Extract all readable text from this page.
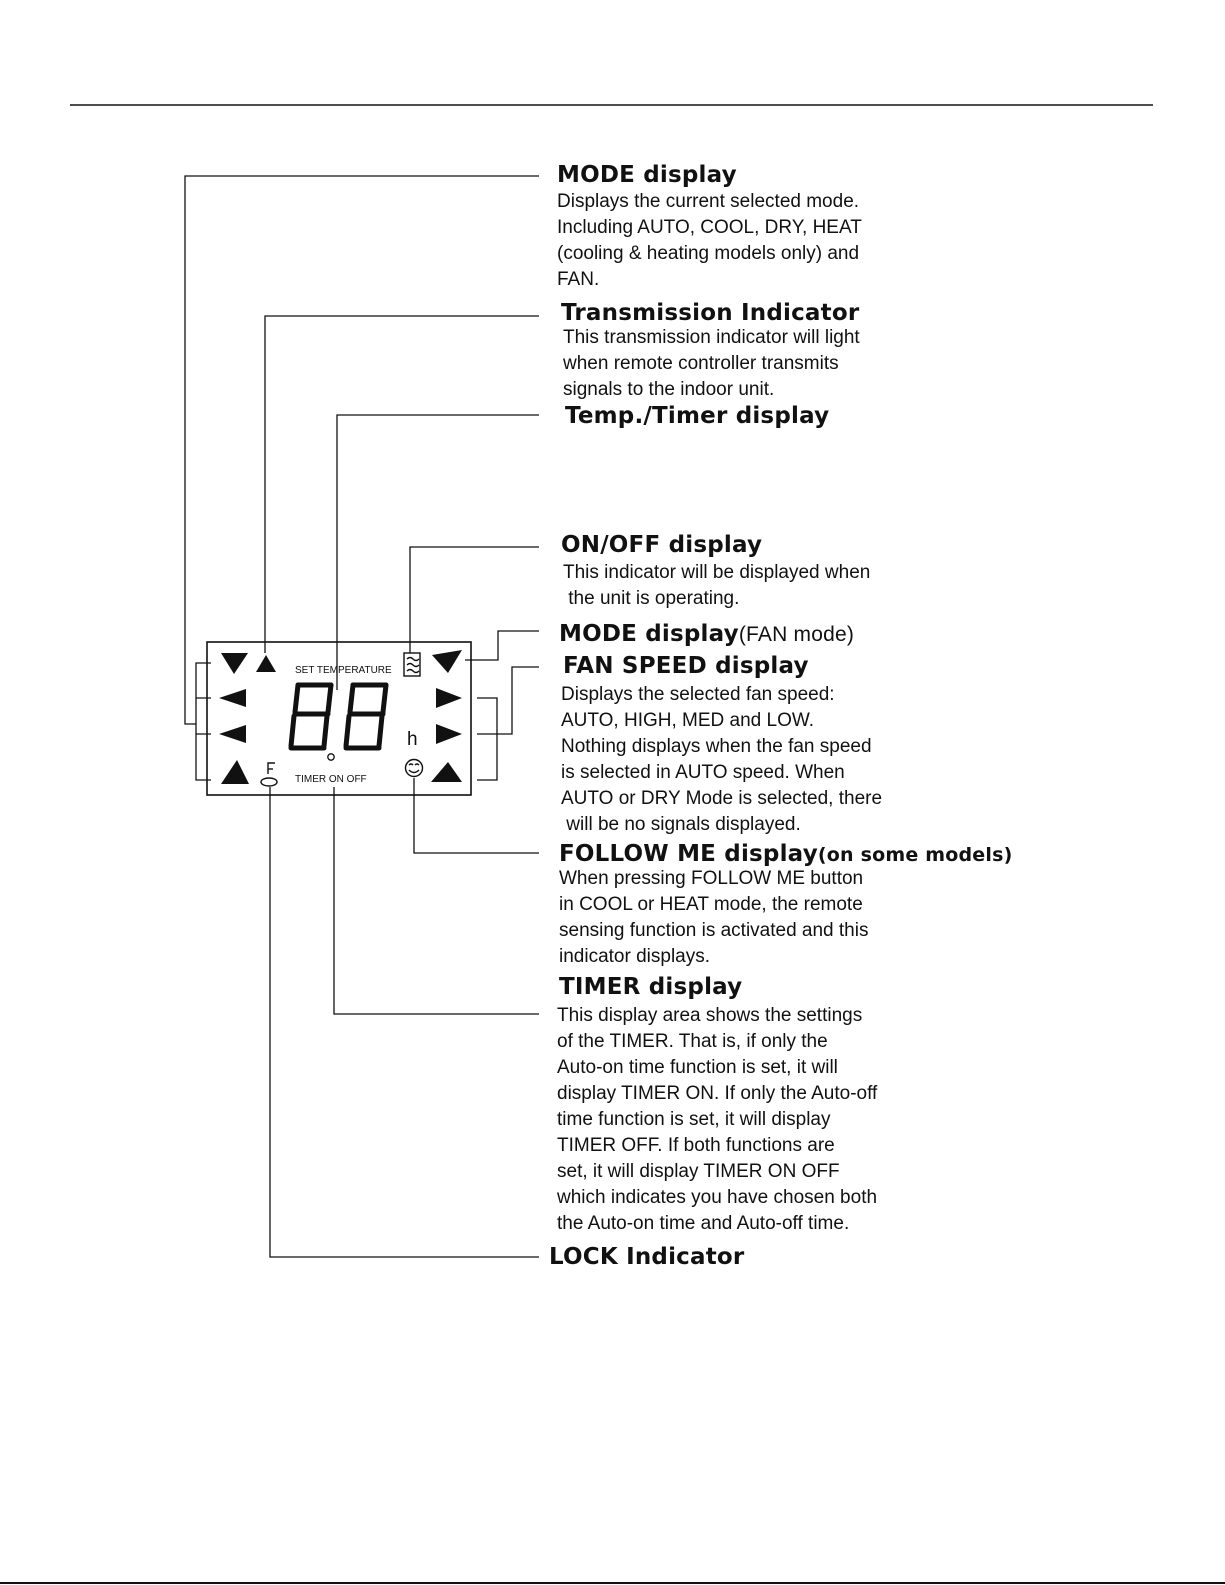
SET TEMPERATURE
TIMER ON OFF
h
MODE display
Displays the current selected mode.
Including AUTO, COOL, DRY, HEAT
(cooling & heating models only) and
FAN.
Transmission Indicator
This transmission indicator will light
when remote controller transmits
signals to the indoor unit.
Temp./Timer display
ON/OFF display
This indicator will be displayed when
the unit is operating.
MODE display(FAN mode)
FAN SPEED display
Displays the selected fan speed:
AUTO, HIGH, MED and LOW.
Nothing displays when the fan speed
is selected in AUTO speed. When
AUTO or DRY Mode is selected, there
will be no signals displayed.
FOLLOW ME display(on some models)
When pressing FOLLOW ME button
in COOL or HEAT mode, the remote
sensing function is activated and this
indicator displays.
TIMER display
This display area shows the settings
of the TIMER. That is, if only the
Auto-on time function is set, it will
display TIMER ON. If only the Auto-off
time function is set, it will display
TIMER OFF. If both functions are
set, it will display TIMER ON OFF
which indicates you have chosen both
the Auto-on time and Auto-off time.
LOCK Indicator
